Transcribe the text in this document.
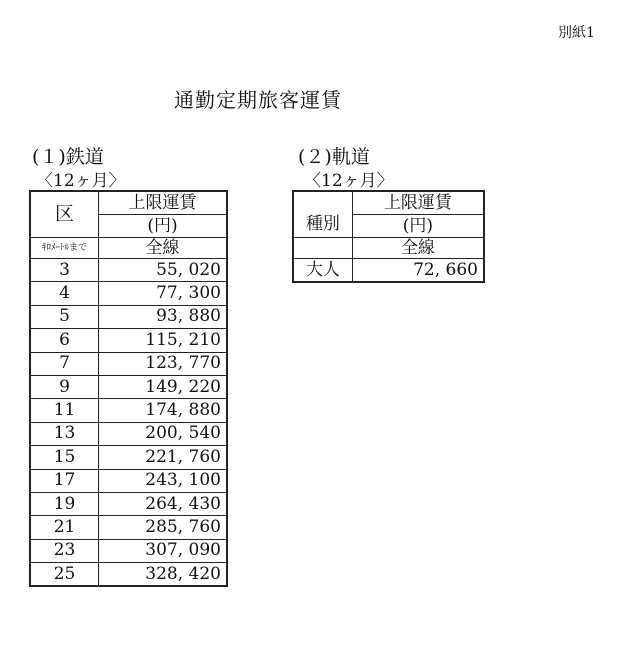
別紙1
通勤定期旅客運賃
(１)鉄道
〈12ヶ月〉
区	上限運賃
	(円)
ｷﾛﾒｰﾄﾙまで	全線
3	55, 020
4	77, 300
5	93, 880
6	115, 210
7	123, 770
9	149, 220
11	174, 880
13	200, 540
15	221, 760
17	243, 100
19	264, 430
21	285, 760
23	307, 090
25	328, 420
(２)軌道
〈12ヶ月〉
種別	上限運賃
	(円)
	全線
大人	72, 660
